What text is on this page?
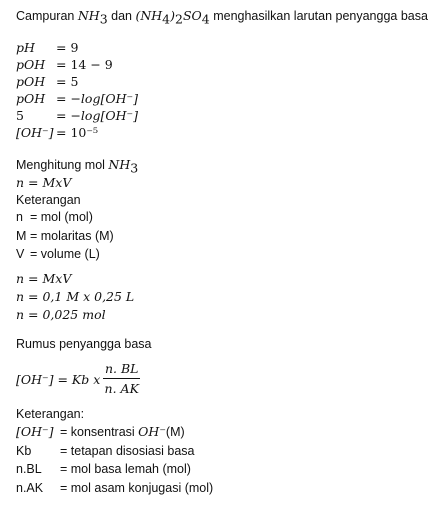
Campuran $NH_3$ dan $(NH_4)_2SO_4$ menghasilkan larutan penyangga basa
pH = 9
pOH = 14 − 9
pOH = 5
pOH = −log[OH⁻]
5	= −log[OH⁻]
[OH⁻] = 10⁻⁵
Menghitung mol $NH_3$
n = MxV
Keterangan
n = mol (mol)
M = molaritas (M)
V = volume (L)
n = MxV
n = 0,1 M x 0,25 L
n = 0,025 mol
Rumus penyangga basa
[OH⁻] = Kb x $\frac{n. BL}{n. AK}$
Keterangan:
[OH⁻] = konsentrasi OH⁻(M)
Kb = tetapan disosiasi basa
n.BL = mol basa lemah (mol)
n.AK = mol asam konjugasi (mol)
